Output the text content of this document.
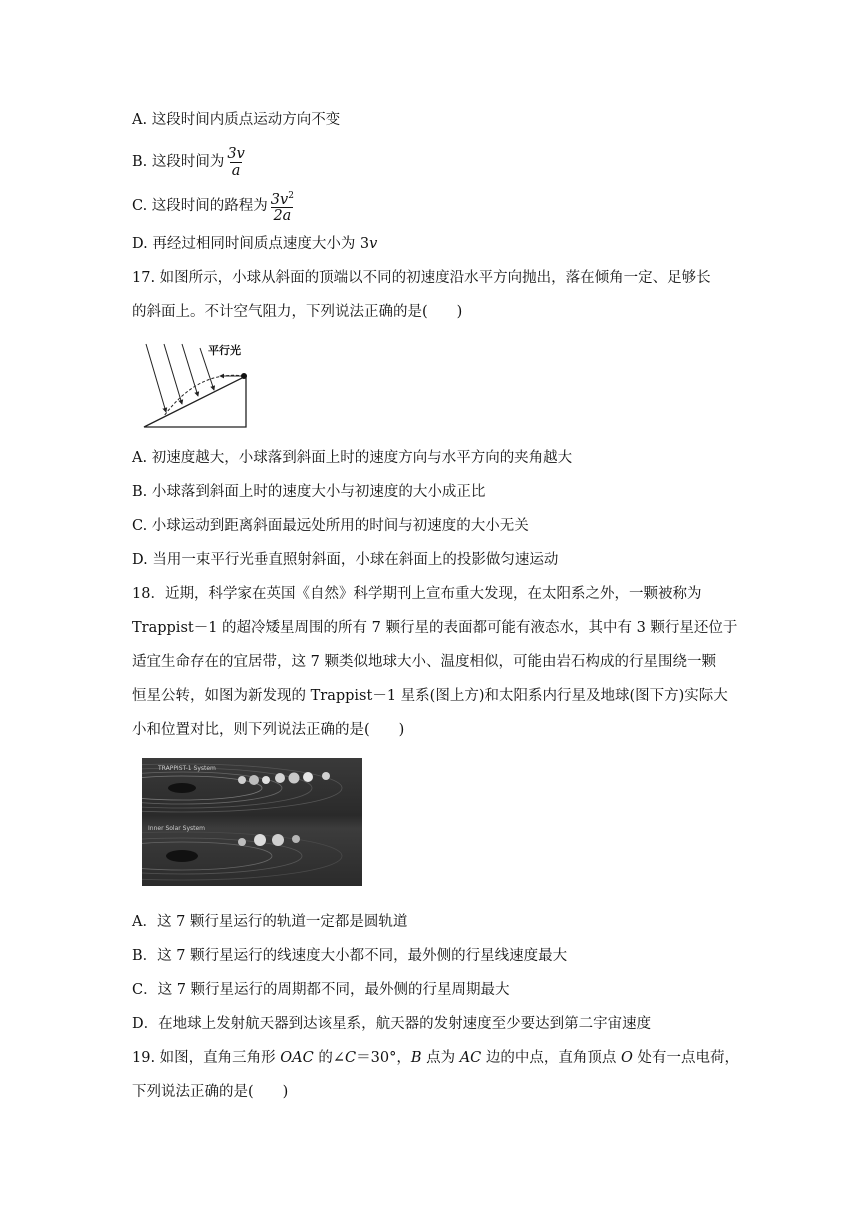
A. 这段时间内质点运动方向不变
B. 这段时间为 $\frac{3v}{a}$
C. 这段时间的路程为 $\frac{3v^2}{2a}$
D. 再经过相同时间质点速度大小为 3v
17. 如图所示，小球从斜面的顶端以不同的初速度沿水平方向抛出，落在倾角一定、足够长
的斜面上。不计空气阻力，下列说法正确的是(　　)
平行光
A. 初速度越大，小球落到斜面上时的速度方向与水平方向的夹角越大
B. 小球落到斜面上时的速度大小与初速度的大小成正比
C. 小球运动到距离斜面最远处所用的时间与初速度的大小无关
D. 当用一束平行光垂直照射斜面，小球在斜面上的投影做匀速运动
18．近期，科学家在英国《自然》科学期刊上宣布重大发现，在太阳系之外，一颗被称为
Trappist－1 的超冷矮星周围的所有 7 颗行星的表面都可能有液态水，其中有 3 颗行星还位于
适宜生命存在的宜居带，这 7 颗类似地球大小、温度相似，可能由岩石构成的行星围绕一颗
恒星公转，如图为新发现的 Trappist－1 星系(图上方)和太阳系内行星及地球(图下方)实际大
小和位置对比，则下列说法正确的是(　　)
TRAPPIST-1 System
Inner Solar System
A．这 7 颗行星运行的轨道一定都是圆轨道
B．这 7 颗行星运行的线速度大小都不同，最外侧的行星线速度最大
C．这 7 颗行星运行的周期都不同，最外侧的行星周期最大
D．在地球上发射航天器到达该星系，航天器的发射速度至少要达到第二宇宙速度
19. 如图，直角三角形 OAC 的∠C＝30°，B 点为 AC 边的中点，直角顶点 O 处有一点电荷，
下列说法正确的是(　　)
